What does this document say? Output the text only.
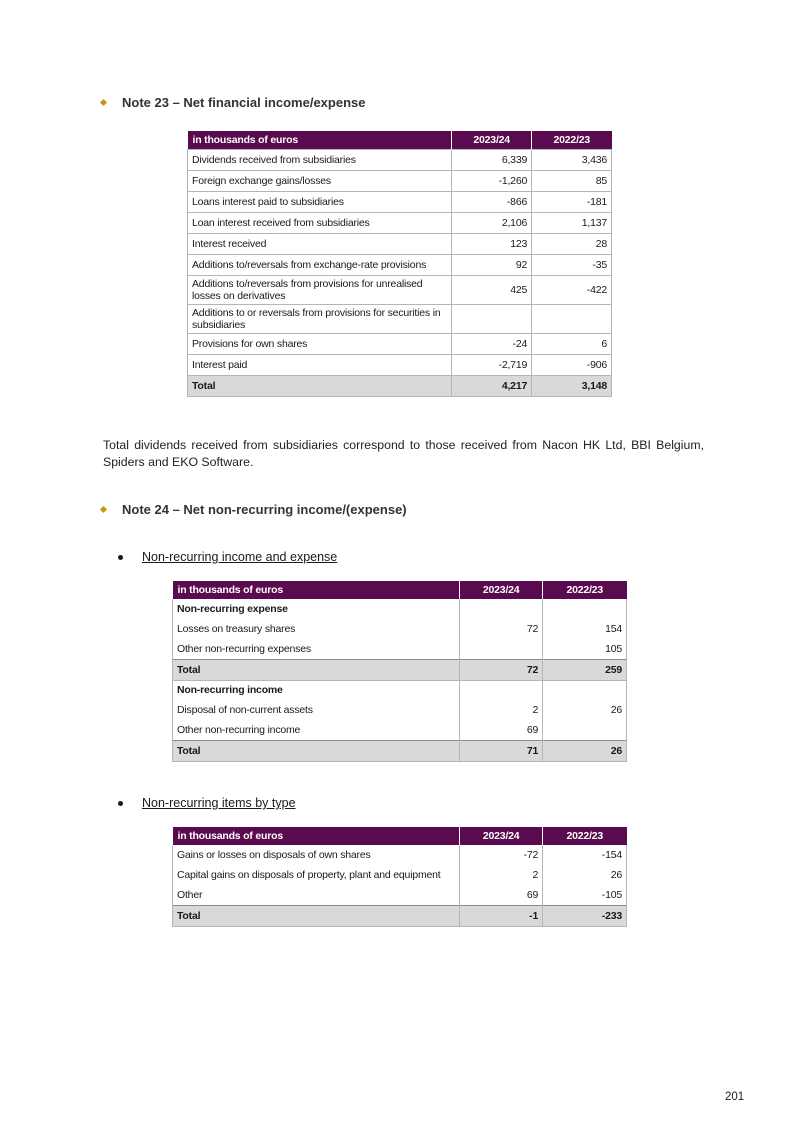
Note 23 – Net financial income/expense
in thousands of euros	2023/24	2022/23
Dividends received from subsidiaries	6,339	3,436
Foreign exchange gains/losses	-1,260	85
Loans interest paid to subsidiaries	-866	-181
Loan interest received from subsidiaries	2,106	1,137
Interest received	123	28
Additions to/reversals from exchange-rate provisions	92	-35
Additions to/reversals from provisions for unrealised losses on derivatives	425	-422
Additions to or reversals from provisions for securities in subsidiaries		
Provisions for own shares	-24	6
Interest paid	-2,719	-906
Total	4,217	3,148
Total dividends received from subsidiaries correspond to those received from Nacon HK Ltd, BBI Belgium, Spiders and EKO Software.
Note 24 – Net non-recurring income/(expense)
Non-recurring income and expense
in thousands of euros	2023/24	2022/23
Non-recurring expense		
Losses on treasury shares	72	154
Other non-recurring expenses		105
Total	72	259
Non-recurring income		
Disposal of non-current assets	2	26
Other non-recurring income	69	
Total	71	26
Non-recurring items by type
in thousands of euros	2023/24	2022/23
Gains or losses on disposals of own shares	-72	-154
Capital gains on disposals of property, plant and equipment	2	26
Other	69	-105
Total	-1	-233
201
